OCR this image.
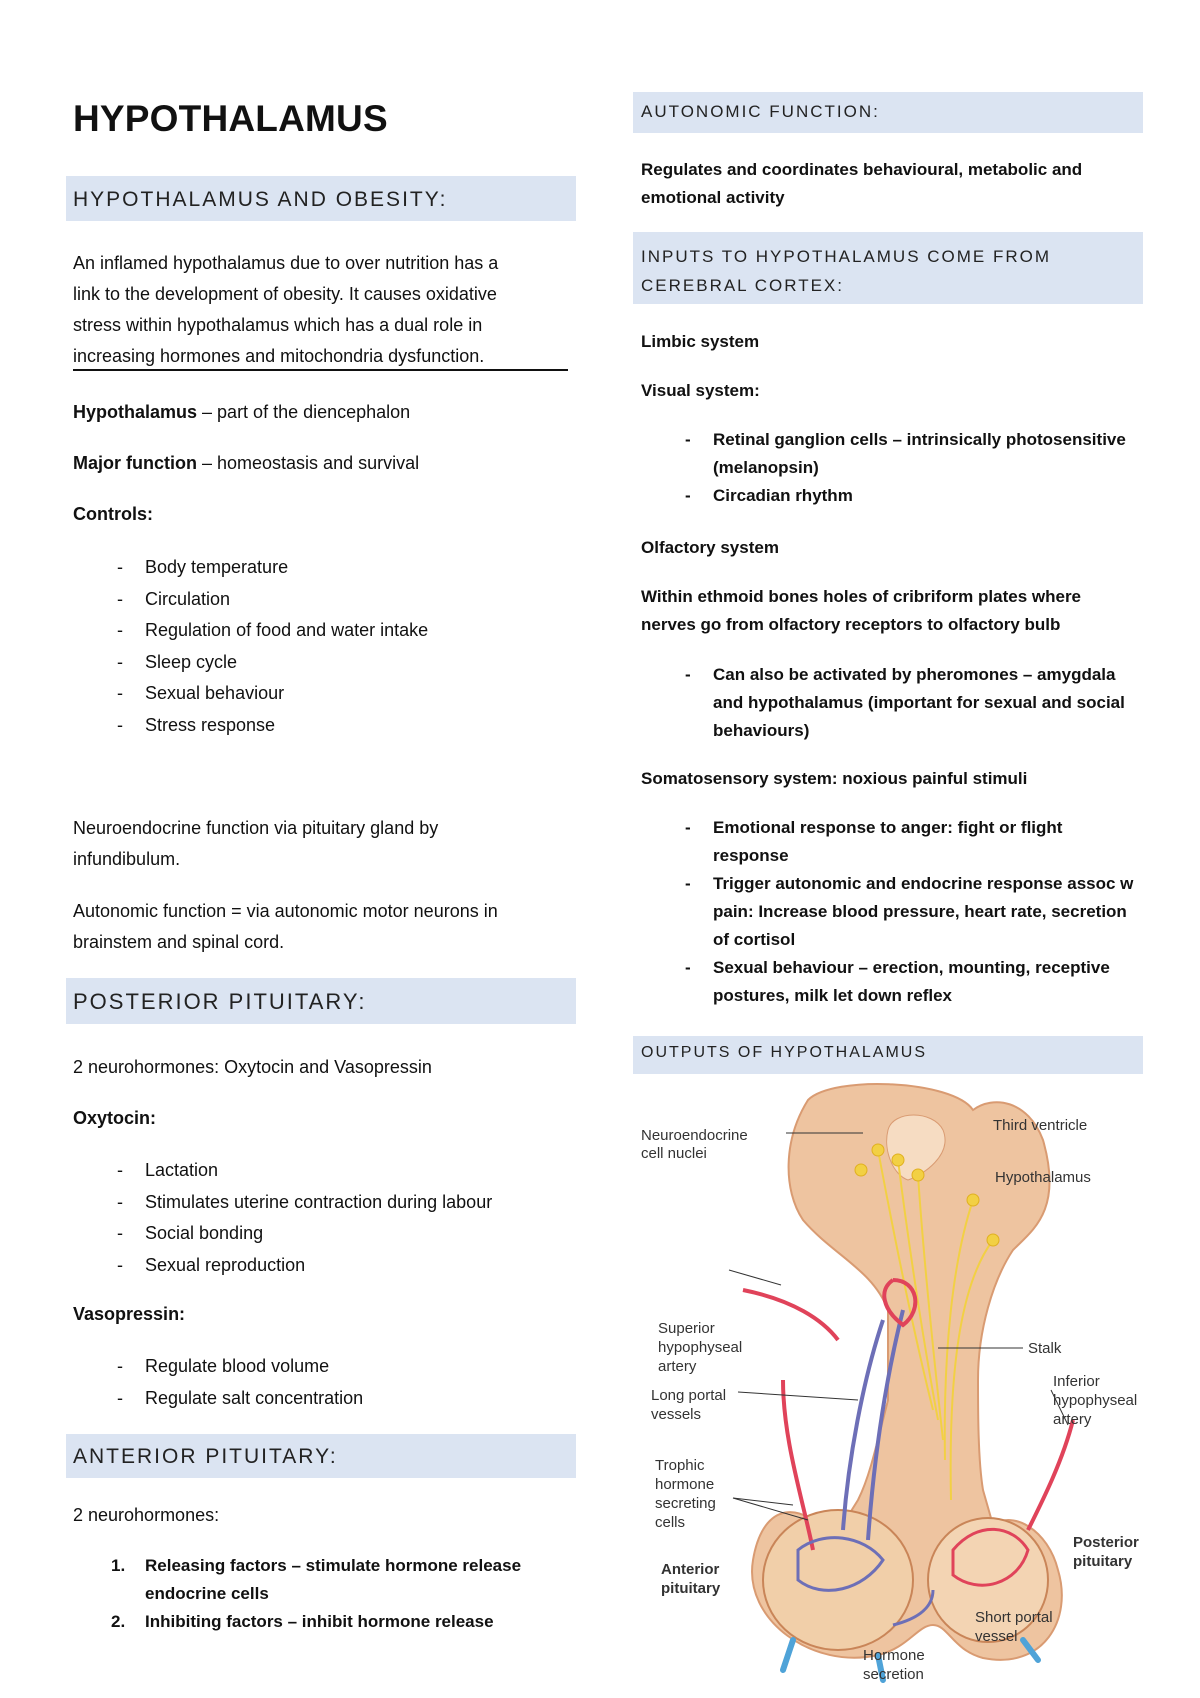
HYPOTHALAMUS
HYPOTHALAMUS AND OBESITY:
An inflamed hypothalamus due to over nutrition has a
link to the development of obesity. It causes oxidative
stress within hypothalamus which has a dual role in
increasing hormones and mitochondria dysfunction.
Hypothalamus – part of the diencephalon
Major function – homeostasis and survival
Controls:
- Body temperature
- Circulation
- Regulation of food and water intake
- Sleep cycle
- Sexual behaviour
- Stress response
Neuroendocrine function via pituitary gland by
infundibulum.
Autonomic function = via autonomic motor neurons in
brainstem and spinal cord.
POSTERIOR PITUITARY:
2 neurohormones: Oxytocin and Vasopressin
Oxytocin:
- Lactation
- Stimulates uterine contraction during labour
- Social bonding
- Sexual reproduction
Vasopressin:
- Regulate blood volume
- Regulate salt concentration
ANTERIOR PITUITARY:
2 neurohormones:
1. Releasing factors – stimulate hormone release
endocrine cells
2. Inhibiting factors – inhibit hormone release
AUTONOMIC FUNCTION:
Regulates and coordinates behavioural, metabolic and
emotional activity
INPUTS TO HYPOTHALAMUS COME FROM
CEREBRAL CORTEX:
Limbic system
Visual system:
- Retinal ganglion cells – intrinsically photosensitive
(melanopsin)
- Circadian rhythm
Olfactory system
Within ethmoid bones holes of cribriform plates where
nerves go from olfactory receptors to olfactory bulb
- Can also be activated by pheromones – amygdala
and hypothalamus (important for sexual and social
behaviours)
Somatosensory system: noxious painful stimuli
- Emotional response to anger: fight or flight
response
- Trigger autonomic and endocrine response assoc w
pain: Increase blood pressure, heart rate, secretion
of cortisol
- Sexual behaviour – erection, mounting, receptive
postures, milk let down reflex
OUTPUTS OF HYPOTHALAMUS
Third ventricle
Neuroendocrine cell nuclei
Hypothalamus
Superior hypophyseal artery
Stalk
Inferior hypophyseal artery
Long portal vessels
Trophic hormone secreting cells
Posterior pituitary
Anterior pituitary
Short portal vessel
Hormone secretion
